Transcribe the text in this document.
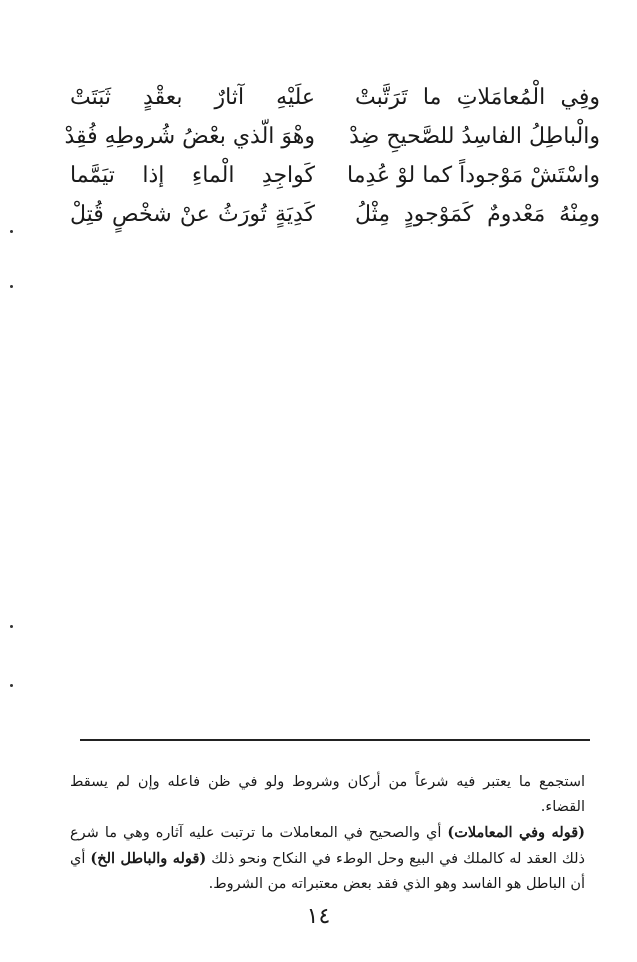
وفِي الْمُعامَلاتِ ما تَرَتَّبتْ
علَيْهِ آثارٌ بعقْدٍ ثَبَتَتْ
والْباطِلُ الفاسِدُ للصَّحيحِ ضِدْ
وهْوَ الّذي بعْضُ شُروطِهِ فُقِدْ
واسْتَشْ مَوْجوداً كما لوْ عُدِما
كَواجِدِ الْماءِ إذا تيَمَّما
ومِنْهُ مَعْدومٌ كَمَوْجودٍ مِثْلُ
كَدِيَةٍ تُورَثُ عنْ شخْصٍ قُتِلْ

استجمع ما يعتبر فيه شرعاً من أركان وشروط ولو في ظن فاعله وإن لم يسقط القضاء.

(قوله وفي المعاملات) أي والصحيح في المعاملات ما ترتبت عليه آثاره وهي ما شرع ذلك العقد له كالملك في البيع وحل الوطء في النكاح ونحو ذلك (قوله والباطل الخ) أي أن الباطل هو الفاسد وهو الذي فقد بعض معتبراته من الشروط.

١٤
